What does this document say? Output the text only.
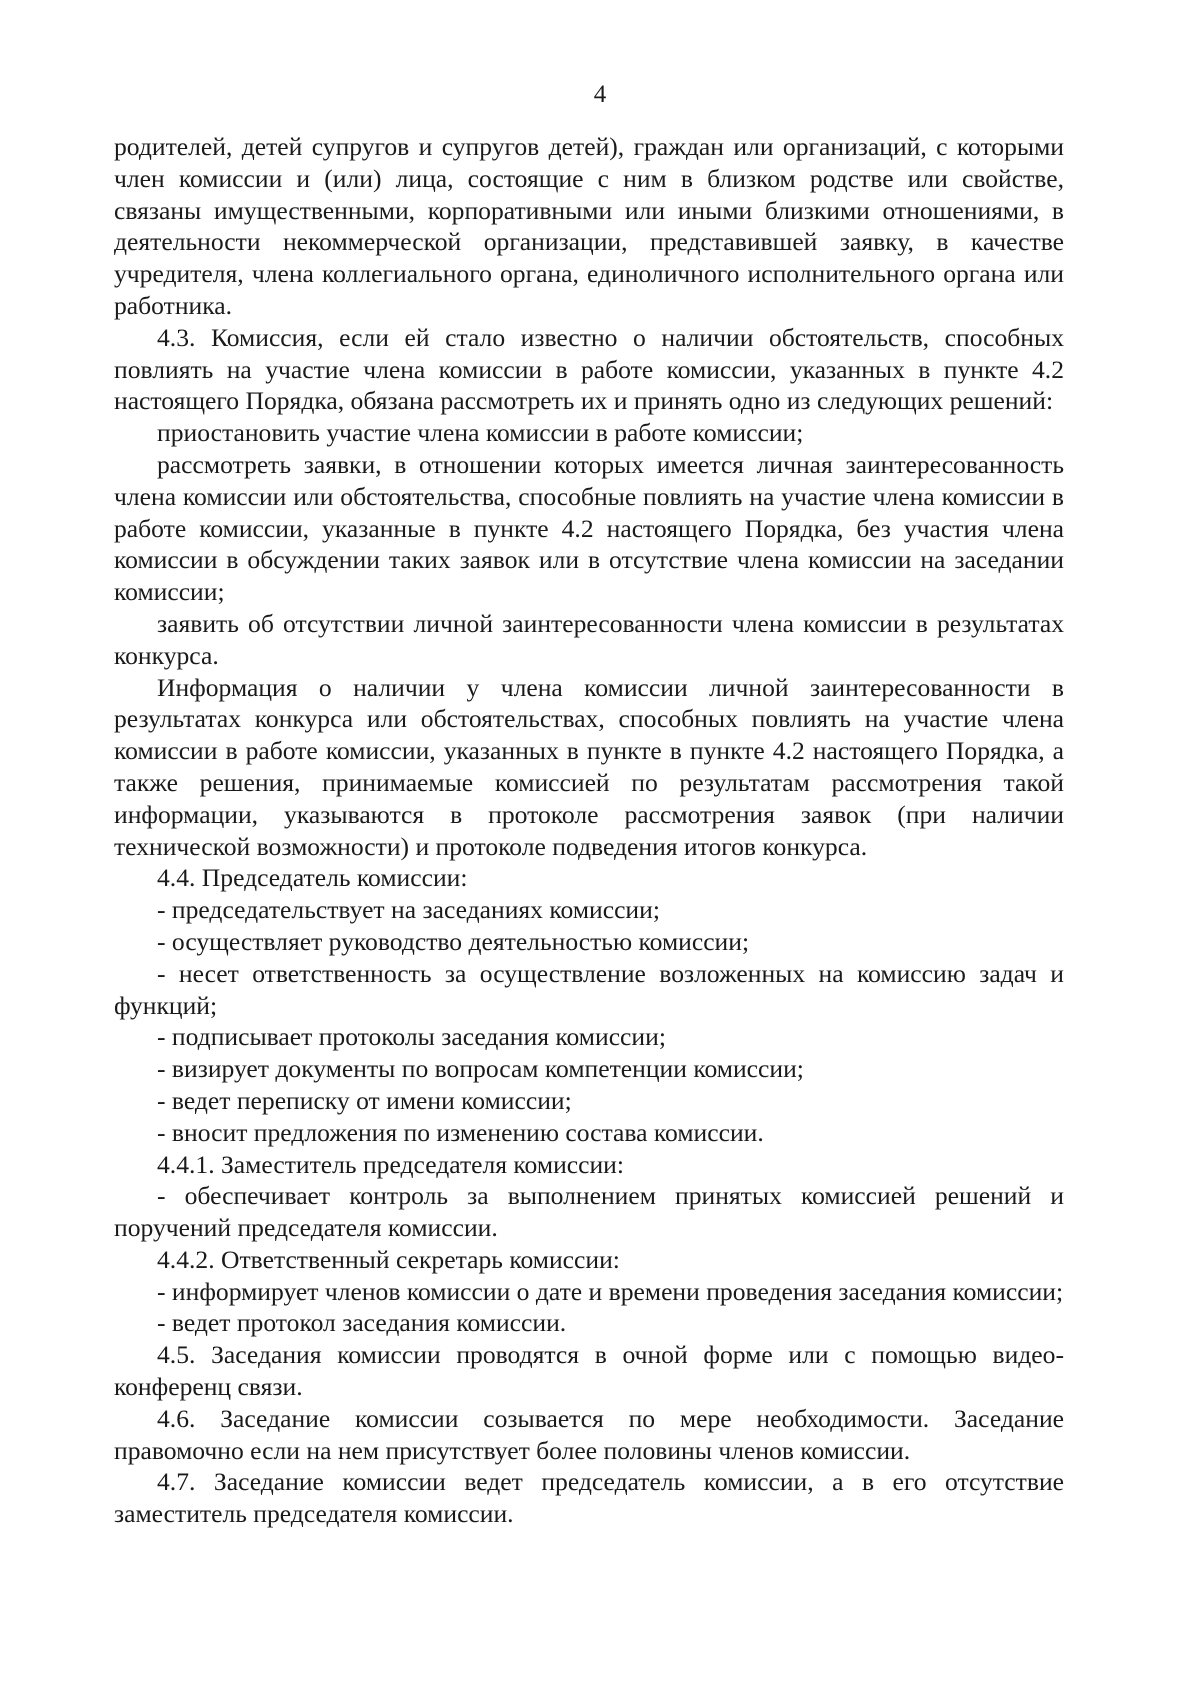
4

родителей, детей супругов и супругов детей), граждан или организаций, с которыми член комиссии и (или) лица, состоящие с ним в близком родстве или свойстве, связаны имущественными, корпоративными или иными близкими отношениями, в деятельности некоммерческой организации, представившей заявку, в качестве учредителя, члена коллегиального органа, единоличного исполнительного органа или работника.

4.3. Комиссия, если ей стало известно о наличии обстоятельств, способных повлиять на участие члена комиссии в работе комиссии, указанных в пункте 4.2 настоящего Порядка, обязана рассмотреть их и принять одно из следующих решений:

приостановить участие члена комиссии в работе комиссии;

рассмотреть заявки, в отношении которых имеется личная заинтересованность члена комиссии или обстоятельства, способные повлиять на участие члена комиссии в работе комиссии, указанные в пункте 4.2 настоящего Порядка, без участия члена комиссии в обсуждении таких заявок или в отсутствие члена комиссии на заседании комиссии;

заявить об отсутствии личной заинтересованности члена комиссии в результатах конкурса.

Информация о наличии у члена комиссии личной заинтересованности в результатах конкурса или обстоятельствах, способных повлиять на участие члена комиссии в работе комиссии, указанных в пункте в пункте 4.2 настоящего Порядка, а также решения, принимаемые комиссией по результатам рассмотрения такой информации, указываются в протоколе рассмотрения заявок (при наличии технической возможности) и протоколе подведения итогов конкурса.

4.4. Председатель комиссии:

- председательствует на заседаниях комиссии;

- осуществляет руководство деятельностью комиссии;

- несет ответственность за осуществление возложенных на комиссию задач и функций;

- подписывает протоколы заседания комиссии;

- визирует документы по вопросам компетенции комиссии;

- ведет переписку от имени комиссии;

- вносит предложения по изменению состава комиссии.

4.4.1. Заместитель председателя комиссии:

- обеспечивает контроль за выполнением принятых комиссией решений и поручений председателя комиссии.

4.4.2. Ответственный секретарь комиссии:

- информирует членов комиссии о дате и времени проведения заседания комиссии;

- ведет протокол заседания комиссии.

4.5. Заседания комиссии проводятся в очной форме или с помощью видео-конференц связи.

4.6. Заседание комиссии созывается по мере необходимости. Заседание правомочно если на нем присутствует более половины членов комиссии.

4.7. Заседание комиссии ведет председатель комиссии, а в его отсутствие заместитель председателя комиссии.
